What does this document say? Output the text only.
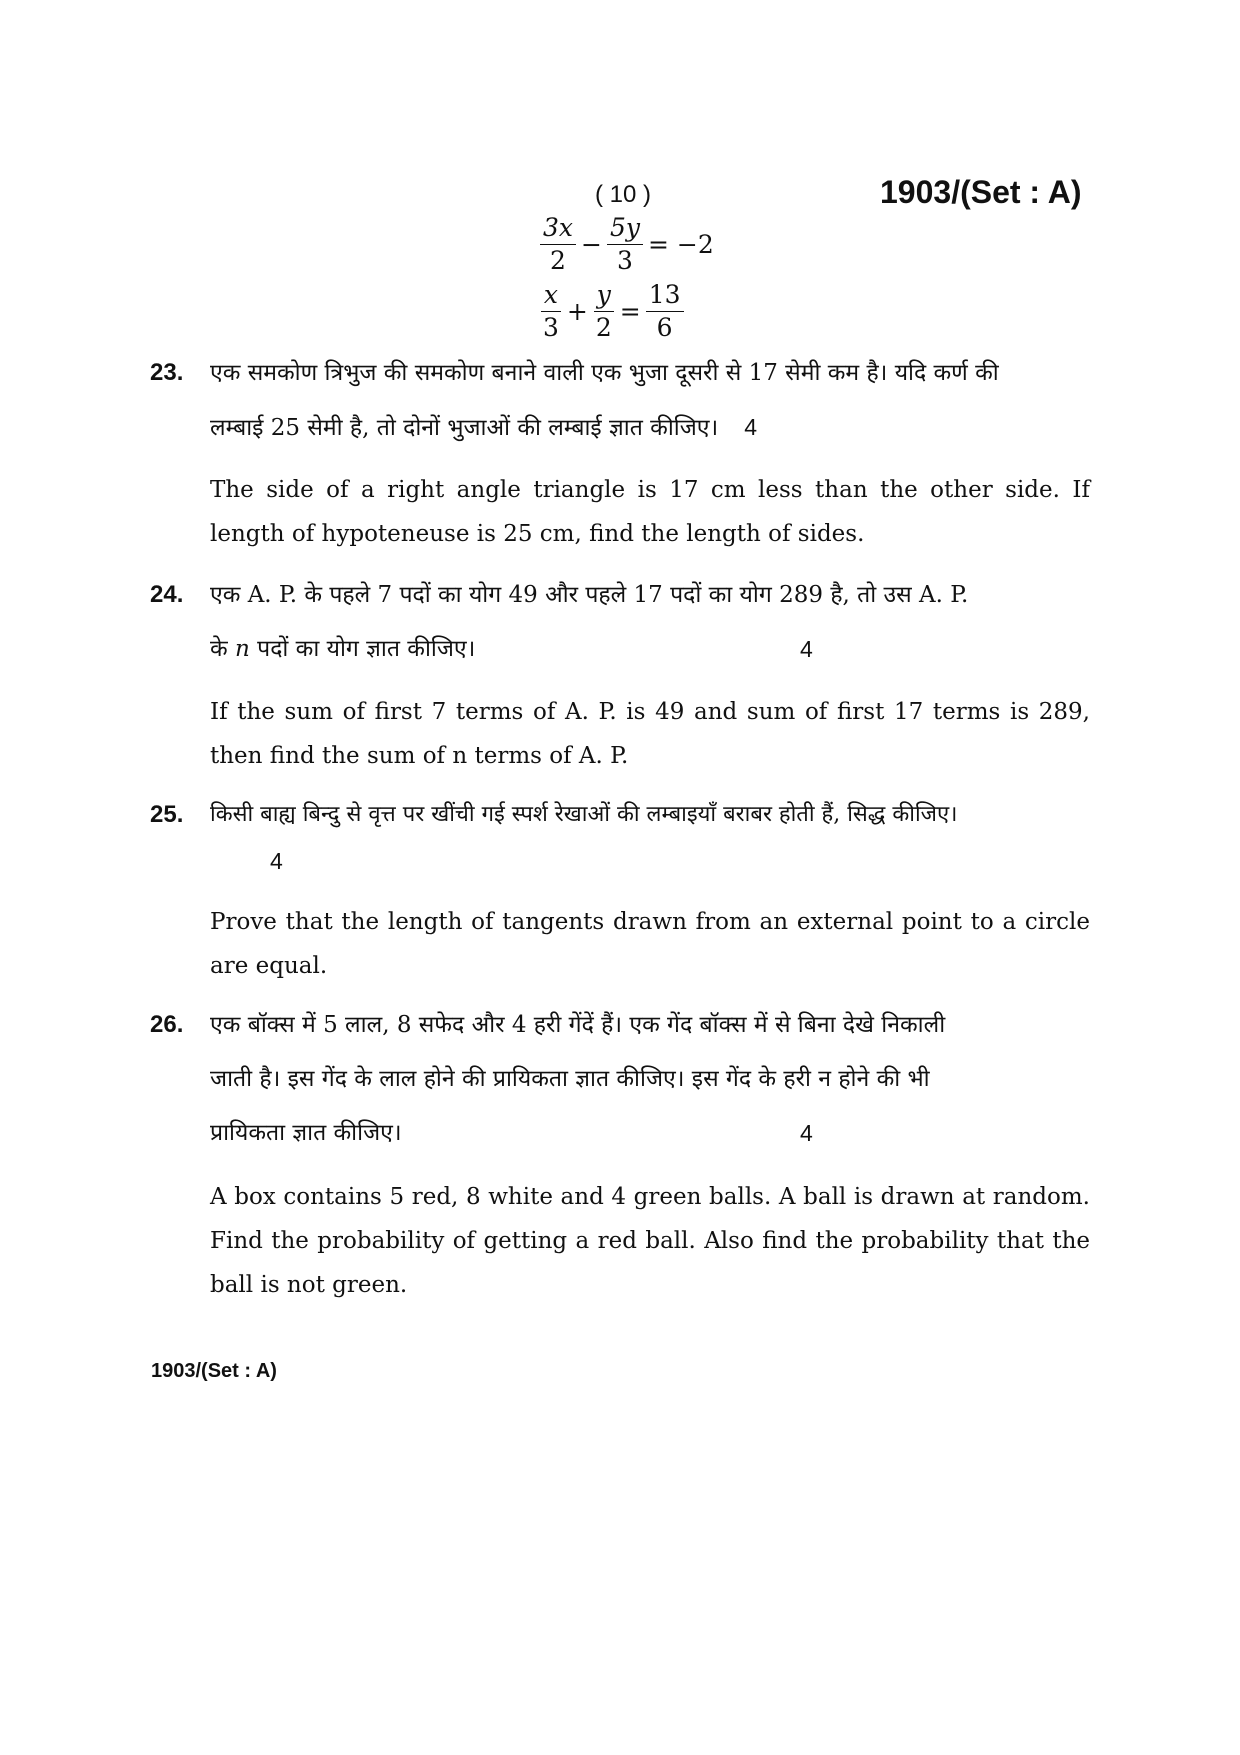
( 10 )	1903/(Set : A)
$\frac{3x}{2} - \frac{5y}{3} = -2$
$\frac{x}{3} + \frac{y}{2} = \frac{13}{6}$
23. एक समकोण त्रिभुज की समकोण बनाने वाली एक भुजा दूसरी से 17 सेमी कम है। यदि कर्ण की
लम्बाई 25 सेमी है, तो दोनों भुजाओं की लम्बाई ज्ञात कीजिए। 4
The side of a right angle triangle is 17 cm less than the other side. If length of hypoteneuse is 25 cm, find the length of sides.
24. एक A. P. के पहले 7 पदों का योग 49 और पहले 17 पदों का योग 289 है, तो उस A. P.
के n पदों का योग ज्ञात कीजिए।	4
If the sum of first 7 terms of A. P. is 49 and sum of first 17 terms is 289, then find the sum of n terms of A. P.
25. किसी बाह्य बिन्दु से वृत्त पर खींची गई स्पर्श रेखाओं की लम्बाइयाँ बराबर होती हैं, सिद्ध कीजिए।
4
Prove that the length of tangents drawn from an external point to a circle are equal.
26. एक बॉक्स में 5 लाल, 8 सफेद और 4 हरी गेंदें हैं। एक गेंद बॉक्स में से बिना देखे निकाली
जाती है। इस गेंद के लाल होने की प्रायिकता ज्ञात कीजिए। इस गेंद के हरी न होने की भी
प्रायिकता ज्ञात कीजिए।	4
A box contains 5 red, 8 white and 4 green balls. A ball is drawn at random. Find the probability of getting a red ball. Also find the probability that the ball is not green.
1903/(Set : A)
